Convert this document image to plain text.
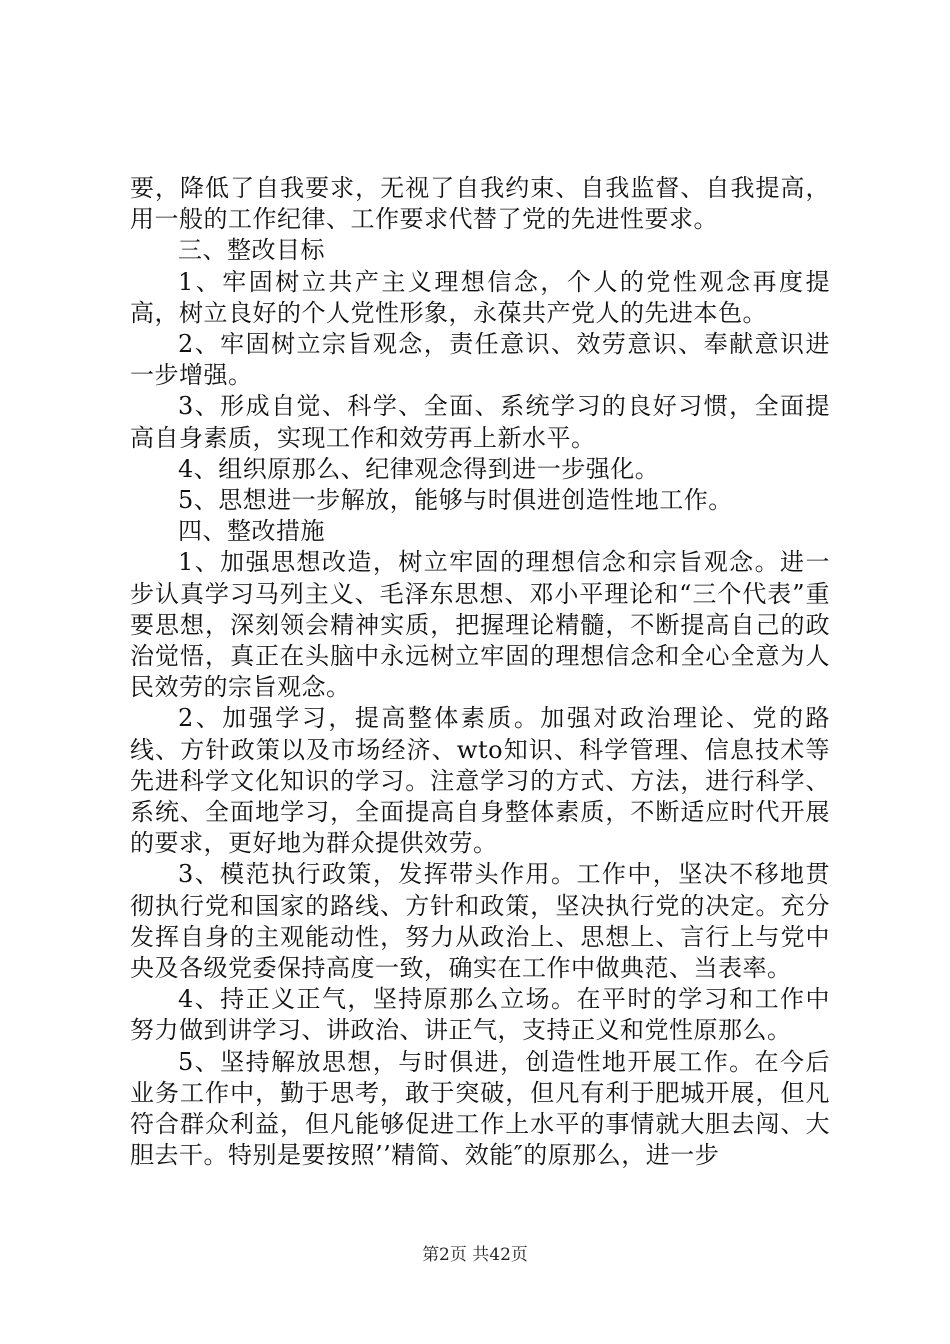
要，降低了自我要求，无视了自我约束、自我监督、自我提高，用一般的工作纪律、工作要求代替了党的先进性要求。

三、整改目标

1、牢固树立共产主义理想信念，个人的党性观念再度提高，树立良好的个人党性形象，永葆共产党人的先进本色。

2、牢固树立宗旨观念，责任意识、效劳意识、奉献意识进一步增强。

3、形成自觉、科学、全面、系统学习的良好习惯，全面提高自身素质，实现工作和效劳再上新水平。

4、组织原那么、纪律观念得到进一步强化。

5、思想进一步解放，能够与时俱进创造性地工作。

四、整改措施

1、加强思想改造，树立牢固的理想信念和宗旨观念。进一步认真学习马列主义、毛泽东思想、邓小平理论和“三个代表”重要思想，深刻领会精神实质，把握理论精髓，不断提高自己的政治觉悟，真正在头脑中永远树立牢固的理想信念和全心全意为人民效劳的宗旨观念。

2、加强学习，提高整体素质。加强对政治理论、党的路线、方针政策以及市场经济、wto知识、科学管理、信息技术等先进科学文化知识的学习。注意学习的方式、方法，进行科学、系统、全面地学习，全面提高自身整体素质，不断适应时代开展的要求，更好地为群众提供效劳。

3、模范执行政策，发挥带头作用。工作中，坚决不移地贯彻执行党和国家的路线、方针和政策，坚决执行党的决定。充分发挥自身的主观能动性，努力从政治上、思想上、言行上与党中央及各级党委保持高度一致，确实在工作中做典范、当表率。

4、持正义正气，坚持原那么立场。在平时的学习和工作中努力做到讲学习、讲政治、讲正气，支持正义和党性原那么。

5、坚持解放思想，与时俱进，创造性地开展工作。在今后业务工作中，勤于思考，敢于突破，但凡有利于肥城开展，但凡符合群众利益，但凡能够促进工作上水平的事情就大胆去闯、大胆去干。特别是要按照’’精简、效能″的原那么，进一步

第2页 共42页
